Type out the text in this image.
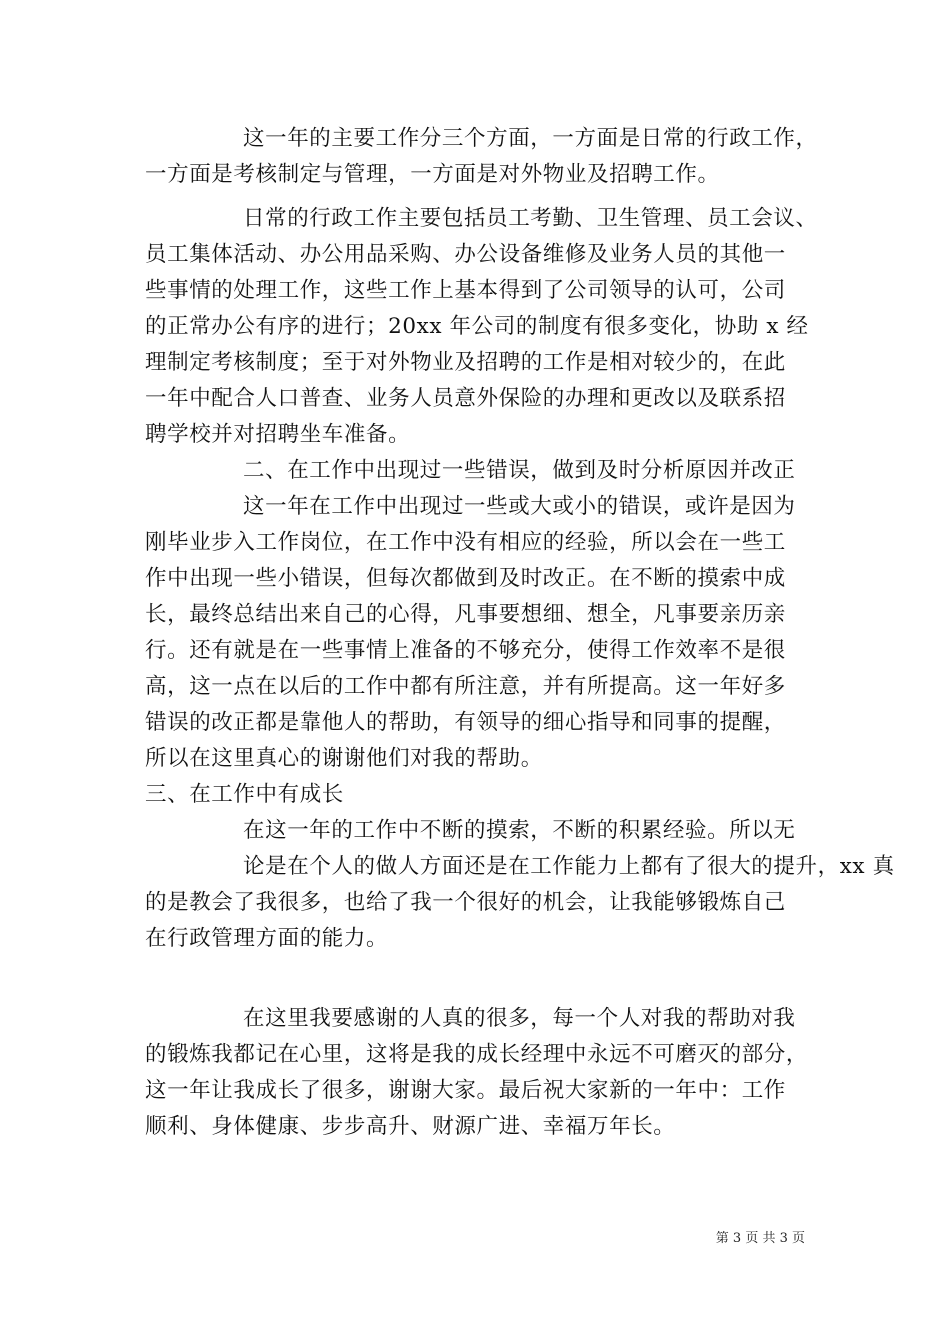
这一年的主要工作分三个方面，一方面是日常的行政工作，
一方面是考核制定与管理，一方面是对外物业及招聘工作。
日常的行政工作主要包括员工考勤、卫生管理、员工会议、
员工集体活动、办公用品采购、办公设备维修及业务人员的其他一
些事情的处理工作，这些工作上基本得到了公司领导的认可，公司
的正常办公有序的进行；20xx 年公司的制度有很多变化，协助 x 经
理制定考核制度；至于对外物业及招聘的工作是相对较少的，在此
一年中配合人口普查、业务人员意外保险的办理和更改以及联系招
聘学校并对招聘坐车准备。
二、在工作中出现过一些错误，做到及时分析原因并改正
这一年在工作中出现过一些或大或小的错误，或许是因为
刚毕业步入工作岗位，在工作中没有相应的经验，所以会在一些工
作中出现一些小错误，但每次都做到及时改正。在不断的摸索中成
长，最终总结出来自己的心得，凡事要想细、想全，凡事要亲历亲
行。还有就是在一些事情上准备的不够充分，使得工作效率不是很
高，这一点在以后的工作中都有所注意，并有所提高。这一年好多
错误的改正都是靠他人的帮助，有领导的细心指导和同事的提醒，
所以在这里真心的谢谢他们对我的帮助。
三、在工作中有成长
在这一年的工作中不断的摸索，不断的积累经验。所以无
论是在个人的做人方面还是在工作能力上都有了很大的提升，xx 真
的是教会了我很多，也给了我一个很好的机会，让我能够锻炼自己
在行政管理方面的能力。
在这里我要感谢的人真的很多，每一个人对我的帮助对我
的锻炼我都记在心里，这将是我的成长经理中永远不可磨灭的部分，
这一年让我成长了很多，谢谢大家。最后祝大家新的一年中：工作
顺利、身体健康、步步高升、财源广进、幸福万年长。
第 3 页 共 3 页
